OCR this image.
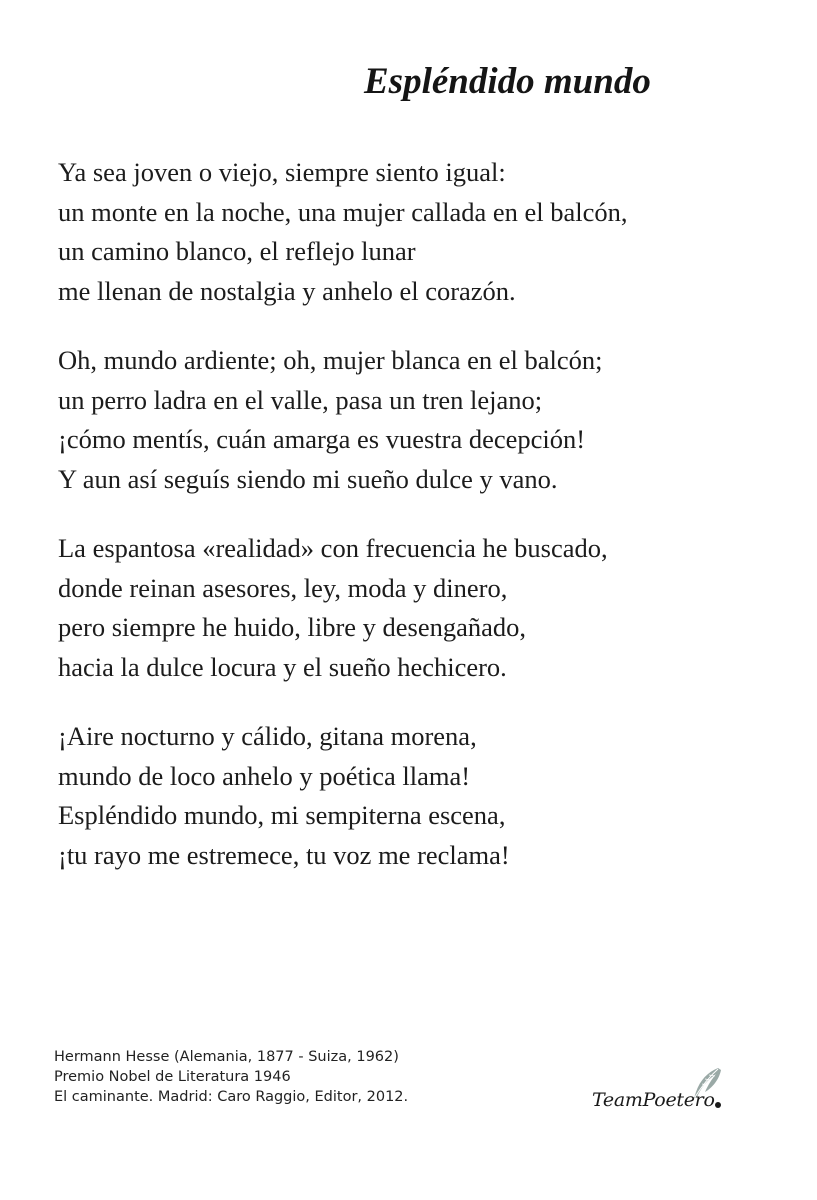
Espléndido mundo

Ya sea joven o viejo, siempre siento igual:
un monte en la noche, una mujer callada en el balcón,
un camino blanco, el reflejo lunar
me llenan de nostalgia y anhelo el corazón.

Oh, mundo ardiente; oh, mujer blanca en el balcón;
un perro ladra en el valle, pasa un tren lejano;
¡cómo mentís, cuán amarga es vuestra decepción!
Y aun así seguís siendo mi sueño dulce y vano.

La espantosa «realidad» con frecuencia he buscado,
donde reinan asesores, ley, moda y dinero,
pero siempre he huido, libre y desengañado,
hacia la dulce locura y el sueño hechicero.

¡Aire nocturno y cálido, gitana morena,
mundo de loco anhelo y poética llama!
Espléndido mundo, mi sempiterna escena,
¡tu rayo me estremece, tu voz me reclama!

Hermann Hesse (Alemania, 1877 - Suiza, 1962)
Premio Nobel de Literatura 1946
El caminante. Madrid: Caro Raggio, Editor, 2012.	TeamPoetero
